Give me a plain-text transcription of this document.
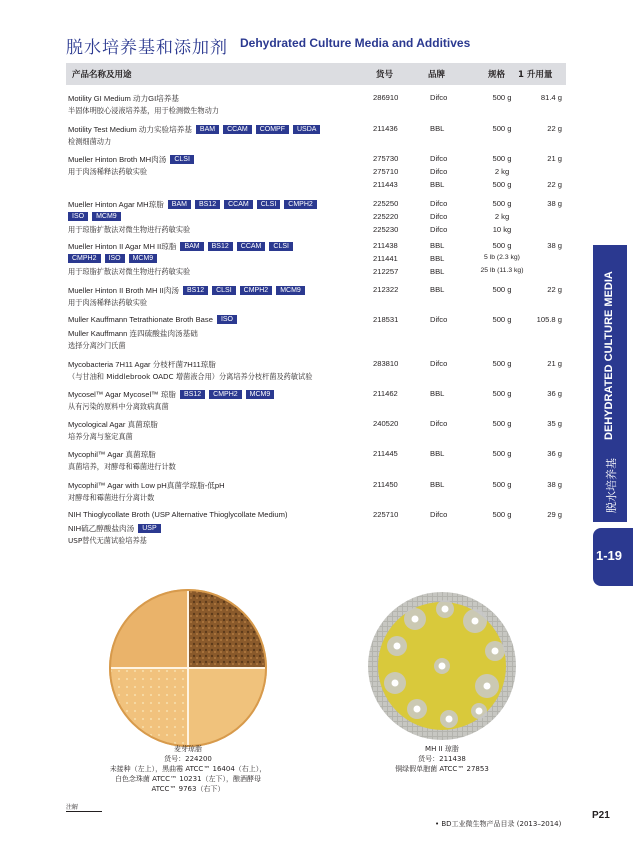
脱水培养基和添加剂 Dehydrated Culture Media and Additives
产品名称及用途	货号	品牌	规格 1 升用量
Motility GI Medium 动力GI培养基	286910	Difco	500 g	81.4 g
半固体明胶心浸液培养基，用于检测微生物动力
Motility Test Medium 动力实验培养基 BAM CCAM COMPF USDA	211436	BBL	500 g	22 g
检测细菌动力
Mueller Hinton Broth MH肉汤 CLSI	275730	Difco	500 g	21 g
用于肉汤稀释法药敏实验	275710	Difco	2 kg
211443	BBL	500 g	22 g
Mueller Hinton Agar MH琼脂 BAM BS12 CCAM CLSI CMPH2	225250	Difco	500 g	38 g
ISO MCM9	225220	Difco	2 kg
用于琼脂扩散法对微生物进行药敏实验	225230	Difco	10 kg
Mueller Hinton II Agar MH II琼脂 BAM BS12 CCAM CLSI	211438	BBL	500 g	38 g
CMPH2 ISO MCM9	211441	BBL	5 lb (2.3 kg)
用于琼脂扩散法对微生物进行药敏实验	212257	BBL	25 lb (11.3 kg)
Mueller Hinton II Broth MH II肉汤 BS12 CLSI CMPH2 MCM9	212322	BBL	500 g	22 g
用于肉汤稀释法药敏实验
Muller Kauffmann Tetrathionate Broth Base ISO	218531	Difco	500 g	105.8 g
Muller Kauffmann 连四硫酸盐肉汤基础
选择分离沙门氏菌
Mycobacteria 7H11 Agar 分枝杆菌7H11琼脂	283810	Difco	500 g	21 g
（与甘油和 Middlebrook OADC 增菌液合用）分离培养分枝杆菌及药敏试验
Mycosel™ Agar Mycosel™ 琼脂 BS12 CMPH2 MCM9	211462	BBL	500 g	36 g
从有污染的原料中分离致病真菌
Mycological Agar 真菌琼脂	240520	Difco	500 g	35 g
培养分离与鉴定真菌
Mycophil™ Agar 真菌琼脂	211445	BBL	500 g	36 g
真菌培养，对酵母和霉菌进行计数
Mycophil™ Agar with Low pH真菌学琼脂-低pH	211450	BBL	500 g	38 g
对酵母和霉菌进行分离计数
NIH Thioglycollate Broth (USP Alternative Thioglycollate Medium)	225710	Difco	500 g	29 g
NIH硫乙醇酸盐肉汤 USP
USP替代无菌试验培养基
脱水培养基
DEHYDRATED CULTURE MEDIA
1-19
麦芽琼脂
货号：224200
未接种（左上），黑曲霉 ATCC™ 16404（右上），
白色念珠菌 ATCC™ 10231（左下），酿酒酵母
ATCC™ 9763（右下）
MH II 琼脂
货号：211438
铜绿假单胞菌 ATCC™ 27853
注解
• BD工业微生物产品目录 (2013–2014)
P21
